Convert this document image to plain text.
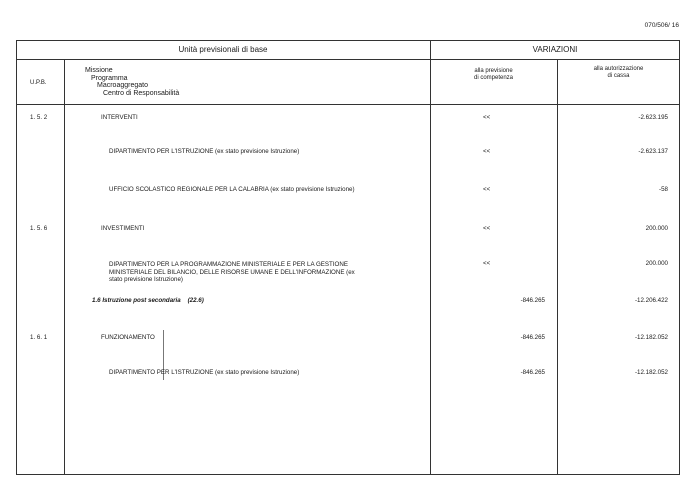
070/506/ 16
Unità previsionali di base	VARIAZIONI
U.P.B.
Missione
Programma
Macroaggregato
Centro di Responsabilità
alla previsione
di competenza
alla autorizzazione
di cassa
1. 5. 2	INTERVENTI	<<	-2.623.195
DIPARTIMENTO PER L'ISTRUZIONE (ex stato previsione Istruzione)	<<	-2.623.137
UFFICIO SCOLASTICO REGIONALE PER LA CALABRIA (ex stato previsione Istruzione)	<<	-58
1. 5. 6	INVESTIMENTI	<<	200.000
DIPARTIMENTO PER LA PROGRAMMAZIONE MINISTERIALE E PER LA GESTIONE
MINISTERIALE DEL BILANCIO, DELLE RISORSE UMANE E DELL'INFORMAZIONE (ex
stato previsione Istruzione)
<<	200.000
1.6 Istruzione post secondaria    (22.6)	-846.265	-12.206.422
1. 6. 1	FUNZIONAMENTO	-846.265	-12.182.052
DIPARTIMENTO PER L'ISTRUZIONE (ex stato previsione Istruzione)	-846.265	-12.182.052
